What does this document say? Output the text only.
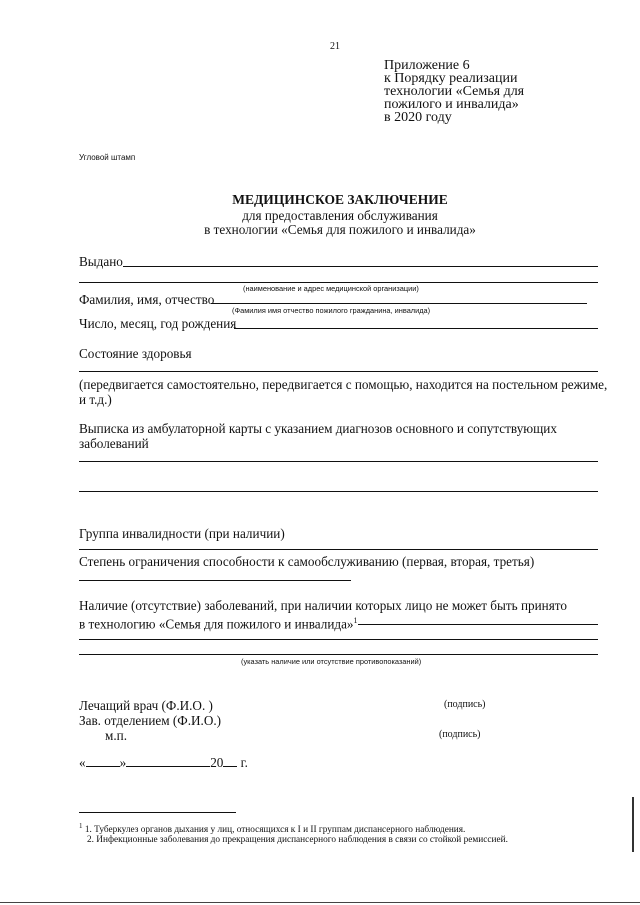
21
Приложение 6
к Порядку реализации
технологии «Семья для
пожилого и инвалида»
в 2020 году
Угловой штамп
МЕДИЦИНСКОЕ ЗАКЛЮЧЕНИЕ
для предоставления обслуживания
в технологии «Семья для пожилого и инвалида»
Выдано
(наименование и адрес медицинской организации)
Фамилия, имя, отчество
(Фамилия имя отчество пожилого гражданина, инвалида)
Число, месяц, год рождения
Состояние здоровья
(передвигается самостоятельно, передвигается с помощью, находится на постельном режиме,
и т.д.)
Выписка из амбулаторной карты с указанием диагнозов основного и сопутствующих
заболеваний
Группа инвалидности (при наличии)
Степень ограничения способности к самообслуживанию (первая, вторая, третья)
Наличие (отсутствие) заболеваний, при наличии которых лицо не может быть принято
в технологию «Семья для пожилого и инвалида»$^1$
(указать наличие или отсутствие противопоказаний)
Лечащий врач (Ф.И.О. )	(подпись)
Зав. отделением (Ф.И.О.)
м.п.	(подпись)
«	»	20 г.
$^1$ 1. Туберкулез органов дыхания у лиц, относящихся к I и II группам диспансерного наблюдения.
2. Инфекционные заболевания до прекращения диспансерного наблюдения в связи со стойкой ремиссией.
